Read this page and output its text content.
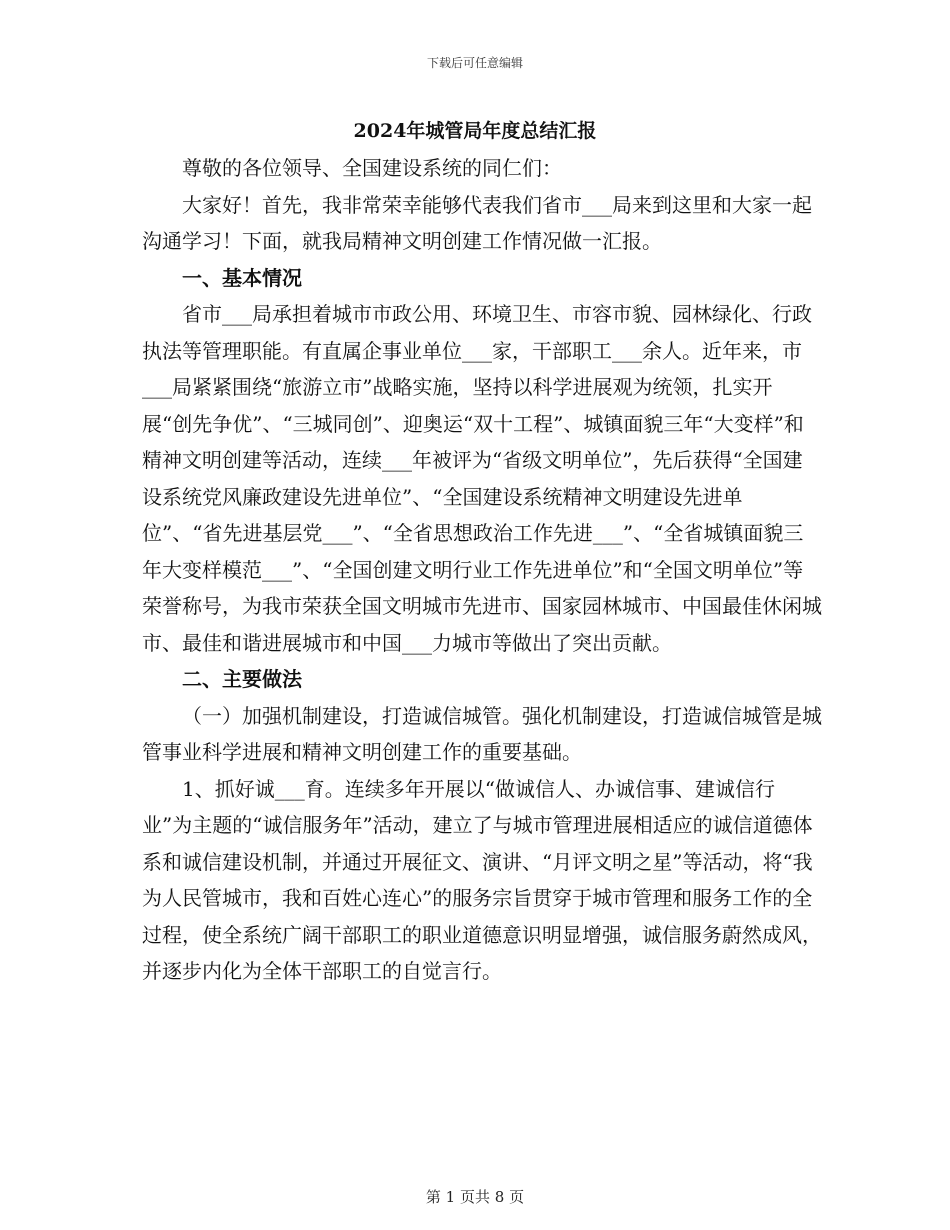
下载后可任意编辑
2024年城管局年度总结汇报

尊敬的各位领导、全国建设系统的同仁们：

大家好！首先，我非常荣幸能够代表我们省市___局来到这里和大家一起沟通学习！下面，就我局精神文明创建工作情况做一汇报。

一、基本情况

省市___局承担着城市市政公用、环境卫生、市容市貌、园林绿化、行政执法等管理职能。有直属企事业单位___家，干部职工___余人。近年来，市___局紧紧围绕“旅游立市”战略实施，坚持以科学进展观为统领，扎实开展“创先争优”、“三城同创”、迎奥运“双十工程”、城镇面貌三年“大变样”和精神文明创建等活动，连续___年被评为“省级文明单位”，先后获得“全国建设系统党风廉政建设先进单位”、“全国建设系统精神文明建设先进单位”、“省先进基层党___”、“全省思想政治工作先进___”、“全省城镇面貌三年大变样模范___”、“全国创建文明行业工作先进单位”和“全国文明单位”等荣誉称号，为我市荣获全国文明城市先进市、国家园林城市、中国最佳休闲城市、最佳和谐进展城市和中国___力城市等做出了突出贡献。

二、主要做法

（一）加强机制建设，打造诚信城管。强化机制建设，打造诚信城管是城管事业科学进展和精神文明创建工作的重要基础。

1、抓好诚___育。连续多年开展以“做诚信人、办诚信事、建诚信行业”为主题的“诚信服务年”活动，建立了与城市管理进展相适应的诚信道德体系和诚信建设机制，并通过开展征文、演讲、“月评文明之星”等活动，将“我为人民管城市，我和百姓心连心”的服务宗旨贯穿于城市管理和服务工作的全过程，使全系统广阔干部职工的职业道德意识明显增强，诚信服务蔚然成风，并逐步内化为全体干部职工的自觉言行。

第 1 页共 8 页
